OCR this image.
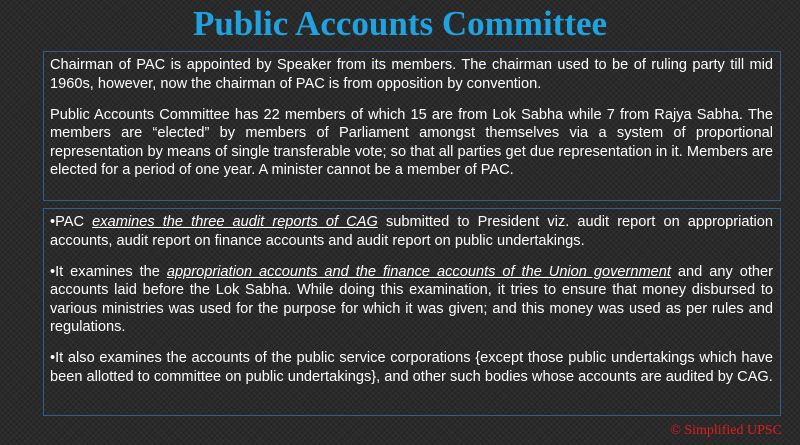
Public Accounts Committee

Chairman of PAC is appointed by Speaker from its members. The chairman used to be of ruling party till mid 1960s, however, now the chairman of PAC is from opposition by convention.

Public Accounts Committee has 22 members of which 15 are from Lok Sabha while 7 from Rajya Sabha. The members are “elected” by members of Parliament amongst themselves via a system of proportional representation by means of single transferable vote; so that all parties get due representation in it. Members are elected for a period of one year. A minister cannot be a member of PAC.

•PAC examines the three audit reports of CAG submitted to President viz. audit report on appropriation accounts, audit report on finance accounts and audit report on public undertakings.

•It examines the appropriation accounts and the finance accounts of the Union government and any other accounts laid before the Lok Sabha. While doing this examination, it tries to ensure that money disbursed to various ministries was used for the purpose for which it was given; and this money was used as per rules and regulations.

•It also examines the accounts of the public service corporations {except those public undertakings which have been allotted to committee on public undertakings}, and other such bodies whose accounts are audited by CAG.

© Simplified UPSC
